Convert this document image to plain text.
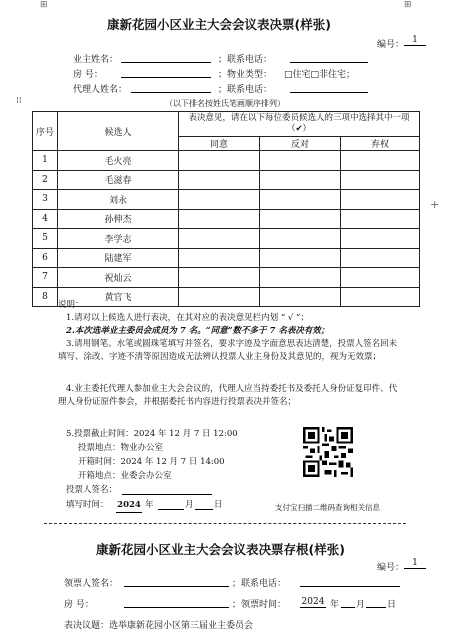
⊞	⊞
⁞⁞
+
康新花园小区业主大会会议表决票(样张)
编号： 1
业主姓名：	；联系电话：
房 号：	；物业类型： □住宅□非住宅；
代理人姓名：	；联系电话：
（以下排名按姓氏笔画顺序排列）
序号	候选人	表决意见，请在以下每位委员候选人的三项中选择其中一项（✔）		
		同意	反对	弃权
1	毛火亮			
2	毛滋春			
3	刘永			
4	孙伸杰			
5	李学志			
6	陆建军			
7	祝灿云			
8	黄官飞			
说明：
1.请对以上候选人进行表决，在其对应的表决意见栏内划 “ √ ”；
2.本次选举业主委员会成员为 7 名。“同意”数不多于 7 名表决有效；
3.请用钢笔、水笔或圆珠笔填写并签名，要求字迹及字面意思表达清楚，投票人签名回未填写、涂改、字迹不清等原因造成无法辨认投票人业主身份及其意见的，视为无效票；
4.业主委托代理人参加业主大会会议的，代理人应当持委托书及委托人身份证复印件、代理人身份证原件参会，并根据委托书内容进行投票表决并签名；
5.投票截止时间：2024 年 12 月 7 日 12:00
投票地点：物业办公室
开箱时间：2024 年 12 月 7 日 14:00
开箱地点：业委会办公室
投票人签名：
填写时间： 2024 年	月 日	支付宝扫描二维码查询相关信息
康新花园小区业主大会会议表决票存根(样张)
编号： 1
领票人签名：	；联系电话：
房 号：	；领票时间： 2024 年 月 日
表决议题：选举康新花园小区第三届业主委员会
